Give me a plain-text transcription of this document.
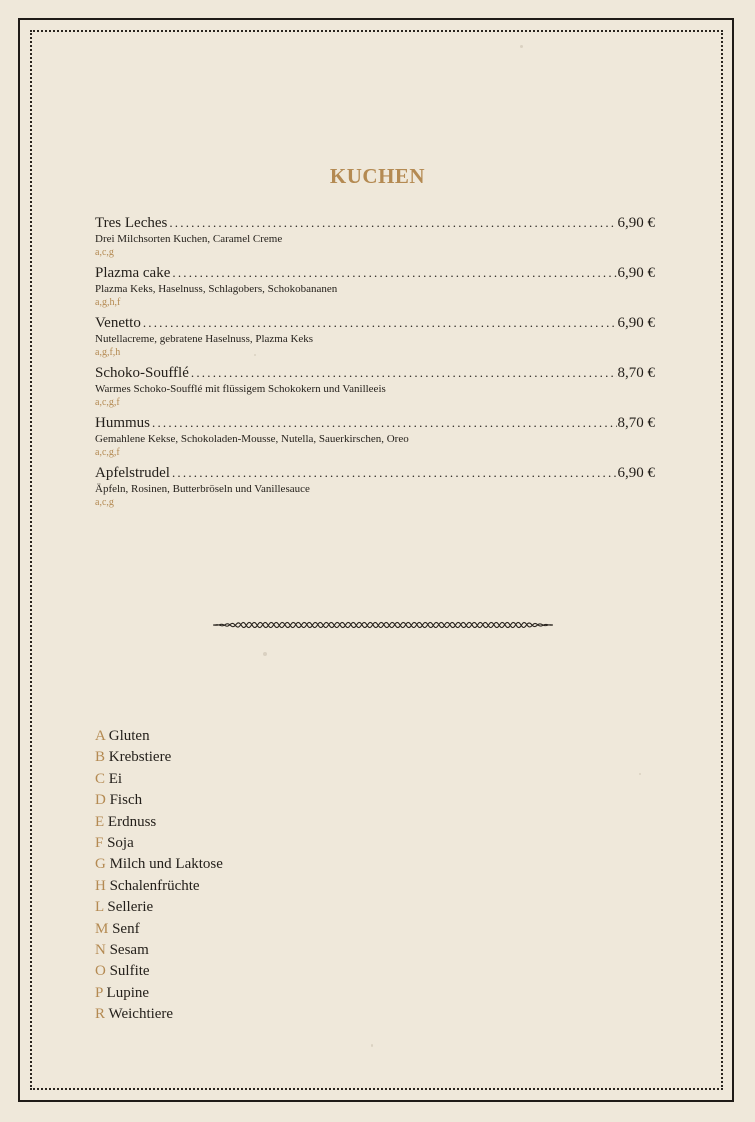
KUCHEN
Tres Leches .....	6,90 €
Drei Milchsorten Kuchen, Caramel Creme
a,c,g
Plazma cake .....	6,90 €
Plazma Keks, Haselnuss, Schlagobers, Schokobananen
a,g,h,f
Venetto .....	6,90 €
Nutellacreme, gebratene Haselnuss, Plazma Keks
a,g,f,h
Schoko-Soufflé .....	8,70 €
Warmes Schoko-Soufflé mit flüssigem Schokokern und Vanilleeis
a,c,g,f
Hummus .....	8,70 €
Gemahlene Kekse, Schokoladen-Mousse, Nutella, Sauerkirschen, Oreo
a,c,g,f
Apfelstrudel .....	6,90 €
Äpfeln, Rosinen, Butterbröseln und Vanillesauce
a,c,g
A Gluten
B Krebstiere
C Ei
D Fisch
E Erdnuss
F Soja
G Milch und Laktose
H Schalenfrüchte
L Sellerie
M Senf
N Sesam
O Sulfite
P Lupine
R Weichtiere
